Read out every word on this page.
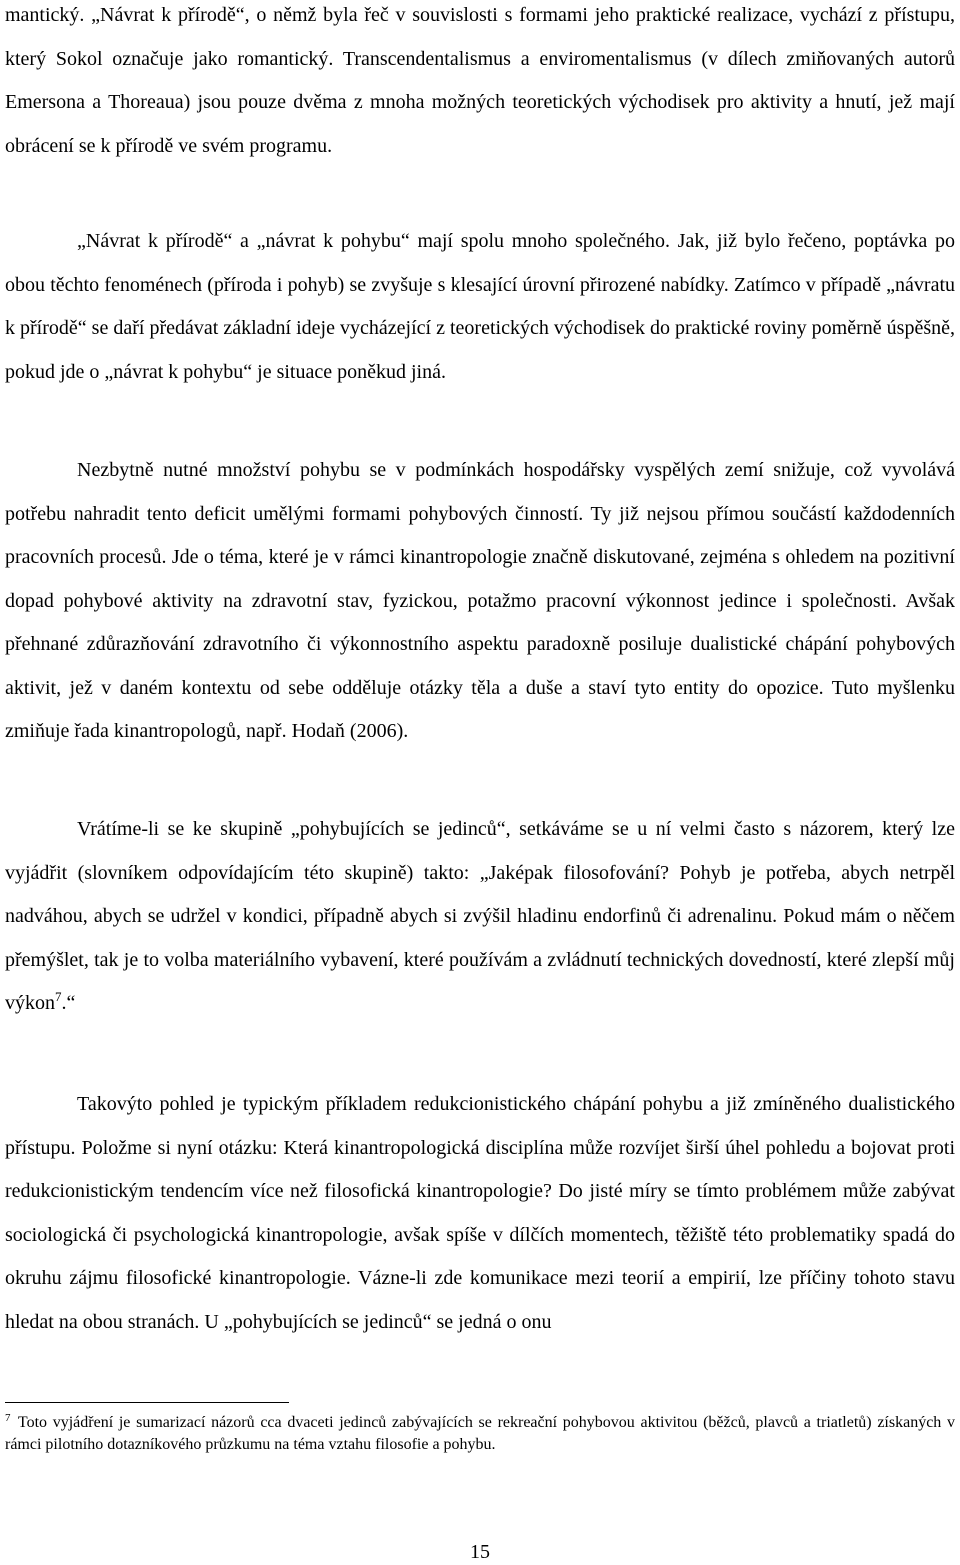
mantický. „Návrat k přírodě“, o němž byla řeč v souvislosti s formami jeho praktické realizace, vychází z přístupu, který Sokol označuje jako romantický. Transcendentalismus a enviromentalismus (v dílech zmiňovaných autorů Emersona a Thoreaua) jsou pouze dvěma z mnoha možných teoretických východisek pro aktivity a hnutí, jež mají obrácení se k přírodě ve svém programu.

„Návrat k přírodě“ a „návrat k pohybu“ mají spolu mnoho společného. Jak, již bylo řečeno, poptávka po obou těchto fenoménech (příroda i pohyb) se zvyšuje s klesající úrovní přirozené nabídky. Zatímco v případě „návratu k přírodě“ se daří předávat základní ideje vycházející z teoretických východisek do praktické roviny poměrně úspěšně, pokud jde o „návrat k pohybu“ je situace poněkud jiná.

Nezbytně nutné množství pohybu se v podmínkách hospodářsky vyspělých zemí snižuje, což vyvolává potřebu nahradit tento deficit umělými formami pohybových činností. Ty již nejsou přímou součástí každodenních pracovních procesů. Jde o téma, které je v rámci kinantropologie značně diskutované, zejména s ohledem na pozitivní dopad pohybové aktivity na zdravotní stav, fyzickou, potažmo pracovní výkonnost jedince i společnosti. Avšak přehnané zdůrazňování zdravotního či výkonnostního aspektu paradoxně posiluje dualistické chápání pohybových aktivit, jež v daném kontextu od sebe odděluje otázky těla a duše a staví tyto entity do opozice. Tuto myšlenku zmiňuje řada kinantropologů, např. Hodaň (2006).

Vrátíme-li se ke skupině „pohybujících se jedinců“, setkáváme se u ní velmi často s názorem, který lze vyjádřit (slovníkem odpovídajícím této skupině) takto: „Jaképak filosofování? Pohyb je potřeba, abych netrpěl nadváhou, abych se udržel v kondici, případně abych si zvýšil hladinu endorfinů či adrenalinu. Pokud mám o něčem přemýšlet, tak je to volba materiálního vybavení, které používám a zvládnutí technických dovedností, které zlepší můj výkon$^7$.“

Takovýto pohled je typickým příkladem redukcionistického chápání pohybu a již zmíněného dualistického přístupu. Položme si nyní otázku: Která kinantropologická disciplína může rozvíjet širší úhel pohledu a bojovat proti redukcionistickým tendencím více než filosofická kinantropologie? Do jisté míry se tímto problémem může zabývat sociologická či psychologická kinantropologie, avšak spíše v dílčích momentech, těžiště této problematiky spadá do okruhu zájmu filosofické kinantropologie. Vázne-li zde komunikace mezi teorií a empirií, lze příčiny tohoto stavu hledat na obou stranách. U „pohybujících se jedinců“ se jedná o onu

$^7$ Toto vyjádření je sumarizací názorů cca dvaceti jedinců zabývajících se rekreační pohybovou aktivitou (běžců, plavců a triatletů) získaných v rámci pilotního dotazníkového průzkumu na téma vztahu filosofie a pohybu.

15
